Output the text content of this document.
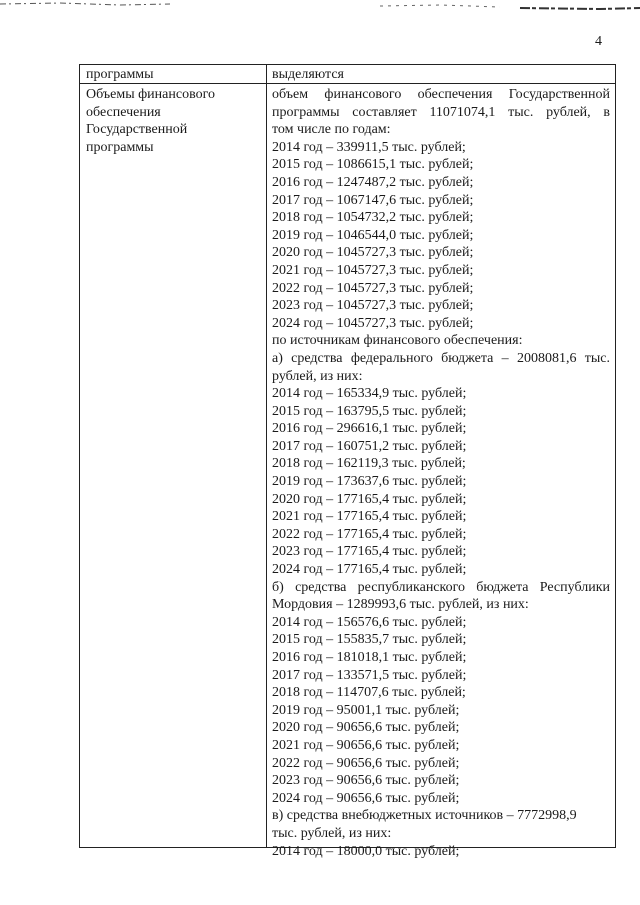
4
программы	выделяются
Объемы финансового
обеспечения
Государственной
программы
объем финансового обеспечения Государственной
программы составляет 11071074,1 тыс. рублей, в
том числе по годам:
2014 год – 339911,5 тыс. рублей;
2015 год – 1086615,1 тыс. рублей;
2016 год – 1247487,2 тыс. рублей;
2017 год – 1067147,6 тыс. рублей;
2018 год – 1054732,2 тыс. рублей;
2019 год – 1046544,0 тыс. рублей;
2020 год – 1045727,3 тыс. рублей;
2021 год – 1045727,3 тыс. рублей;
2022 год – 1045727,3 тыс. рублей;
2023 год – 1045727,3 тыс. рублей;
2024 год – 1045727,3 тыс. рублей;
по источникам финансового обеспечения:
а) средства федерального бюджета – 2008081,6 тыс.
рублей, из них:
2014 год – 165334,9 тыс. рублей;
2015 год – 163795,5 тыс. рублей;
2016 год – 296616,1 тыс. рублей;
2017 год – 160751,2 тыс. рублей;
2018 год – 162119,3 тыс. рублей;
2019 год – 173637,6 тыс. рублей;
2020 год – 177165,4 тыс. рублей;
2021 год – 177165,4 тыс. рублей;
2022 год – 177165,4 тыс. рублей;
2023 год – 177165,4 тыс. рублей;
2024 год – 177165,4 тыс. рублей;
б) средства республиканского бюджета Республики
Мордовия – 1289993,6 тыс. рублей, из них:
2014 год – 156576,6 тыс. рублей;
2015 год – 155835,7 тыс. рублей;
2016 год – 181018,1 тыс. рублей;
2017 год – 133571,5 тыс. рублей;
2018 год – 114707,6 тыс. рублей;
2019 год – 95001,1 тыс. рублей;
2020 год – 90656,6 тыс. рублей;
2021 год – 90656,6 тыс. рублей;
2022 год – 90656,6 тыс. рублей;
2023 год – 90656,6 тыс. рублей;
2024 год – 90656,6 тыс. рублей;
в) средства внебюджетных источников – 7772998,9
тыс. рублей, из них:
2014 год – 18000,0 тыс. рублей;
